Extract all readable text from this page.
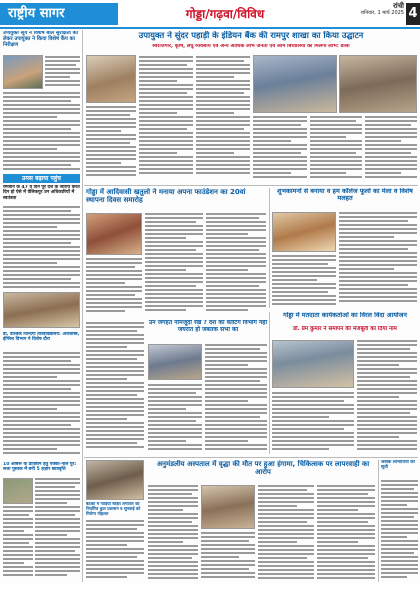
राष्ट्रीय सागर	गोड्डा/गढ़वा/विविध
रांची
शनिवार, 1 मार्च 2025 4
उपायुक्त ने सुंदर पहाड़ी के इंडियन बैंक की रामपुर शाखा का किया उद्घाटन
स्वरोजगार, कृषि, लघु व्यवसाय एवं अन्य आर्थिक लाभ जनता एवं आम बिचौलियों का मिलेगा लाभ: डीसी
उपायुक्त सूर्य ने विशेष बाल सुरक्षिता को लेकर उपायुक्त ने किया विशेष कैंप का निरीक्षण
उमस बढ़ाया पहुंच
रमजान के 47 वें दिन पूरे देश के जारीय करते दिन हो ऐसे में वेलिकपुर उन अधिकारियों में स्वतंत्रता
डॉ. वैश्विक जिन्दगी विश्वविद्यालय: अर्थशास्त्र, इंग्लिश विभाग ने विशेष दौरा
10 आबरू के प्रतिष्ठान हेतु पक्का-नाले पुर: सत्ता पुस्तक में बनी 5 हज़ार छात्रवृत्ति
गोड्डा में आदिवासी खतुलो ने मनाया अपना फाउंडेशन का 20वां स्थापना दिवस समारोह
शुभकामनों से बनाया व हम कॉलेज फूलों का मेला व विशेष मलहत
उन जगहत नामजूदो रखें ? देश का कोटिंग विभाग नहीं जयरात हो जबतक सभा का
गोड्डा में मतदाता कार्यकर्ताओं का विरल विदा आयोजन
डॉ. प्रेम कुमार ने समापन की मजबूती का दिया नाम
अनुमंडलीय अस्पताल में वृद्धा की मौत पर हुआ हंगामा, चिकित्सक पर लापरवाही का आरोप
बैठकों में गाड़ियों सहित लगातार को निर्धारित कुल प्रशासन व सुनवाई को मिलेगा मोहलत
जबकि लाभार्थियों की सूची
